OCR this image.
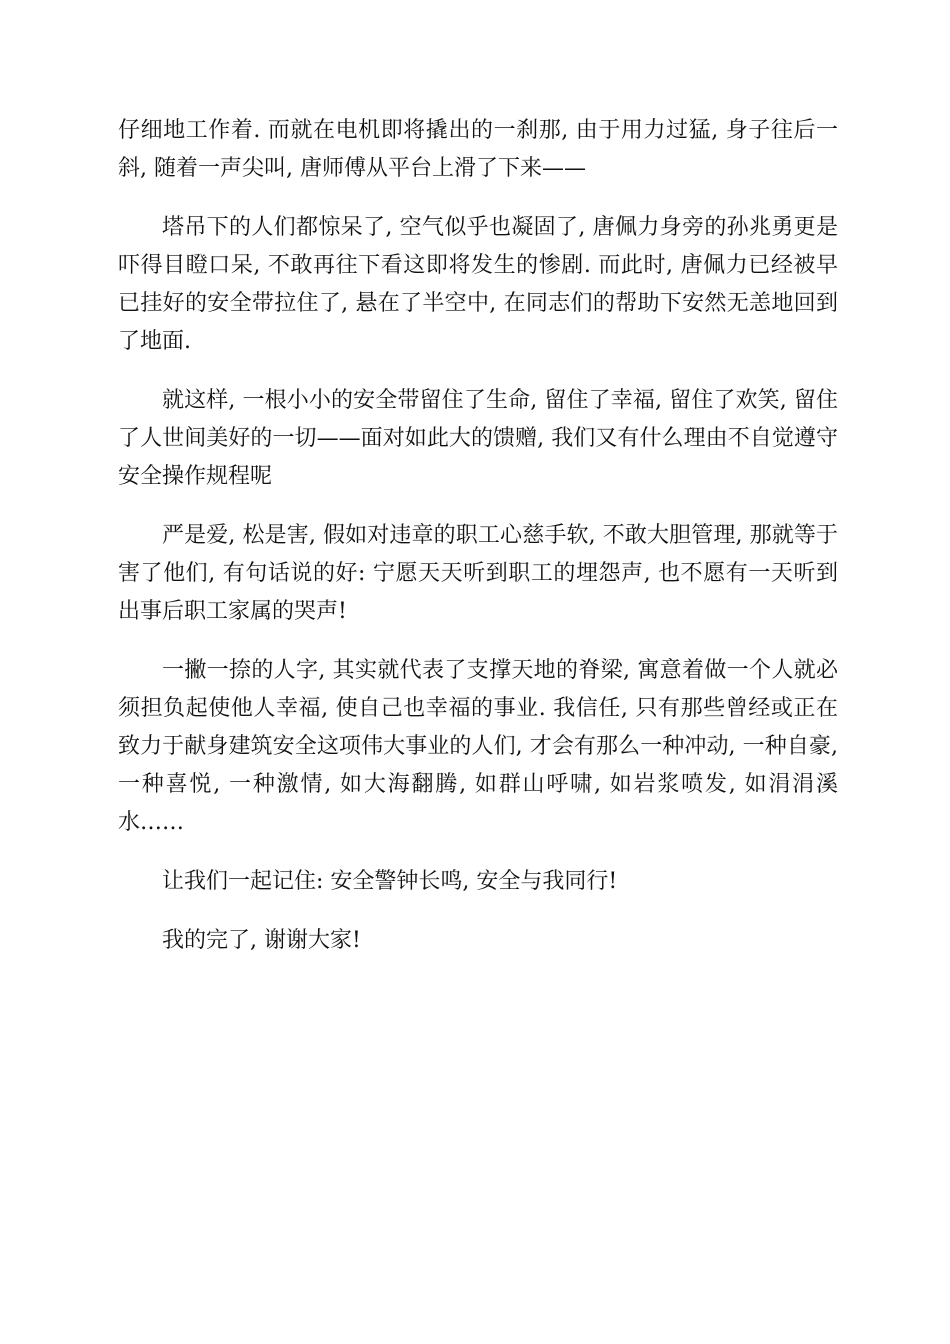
仔细地工作着. 而就在电机即将撬出的一刹那, 由于用力过猛, 身子往后一斜, 随着一声尖叫, 唐师傅从平台上滑了下来——

塔吊下的人们都惊呆了, 空气似乎也凝固了, 唐佩力身旁的孙兆勇更是吓得目瞪口呆, 不敢再往下看这即将发生的惨剧. 而此时, 唐佩力已经被早已挂好的安全带拉住了, 悬在了半空中, 在同志们的帮助下安然无恙地回到了地面.

就这样, 一根小小的安全带留住了生命, 留住了幸福, 留住了欢笑, 留住了人世间美好的一切——面对如此大的馈赠, 我们又有什么理由不自觉遵守安全操作规程呢

严是爱, 松是害, 假如对违章的职工心慈手软, 不敢大胆管理, 那就等于害了他们, 有句话说的好: 宁愿天天听到职工的埋怨声, 也不愿有一天听到出事后职工家属的哭声!

一撇一捺的人字, 其实就代表了支撑天地的脊梁, 寓意着做一个人就必须担负起使他人幸福, 使自己也幸福的事业. 我信任, 只有那些曾经或正在致力于献身建筑安全这项伟大事业的人们, 才会有那么一种冲动, 一种自豪, 一种喜悦, 一种激情, 如大海翻腾, 如群山呼啸, 如岩浆喷发, 如涓涓溪水……

让我们一起记住: 安全警钟长鸣, 安全与我同行!

我的完了, 谢谢大家!
